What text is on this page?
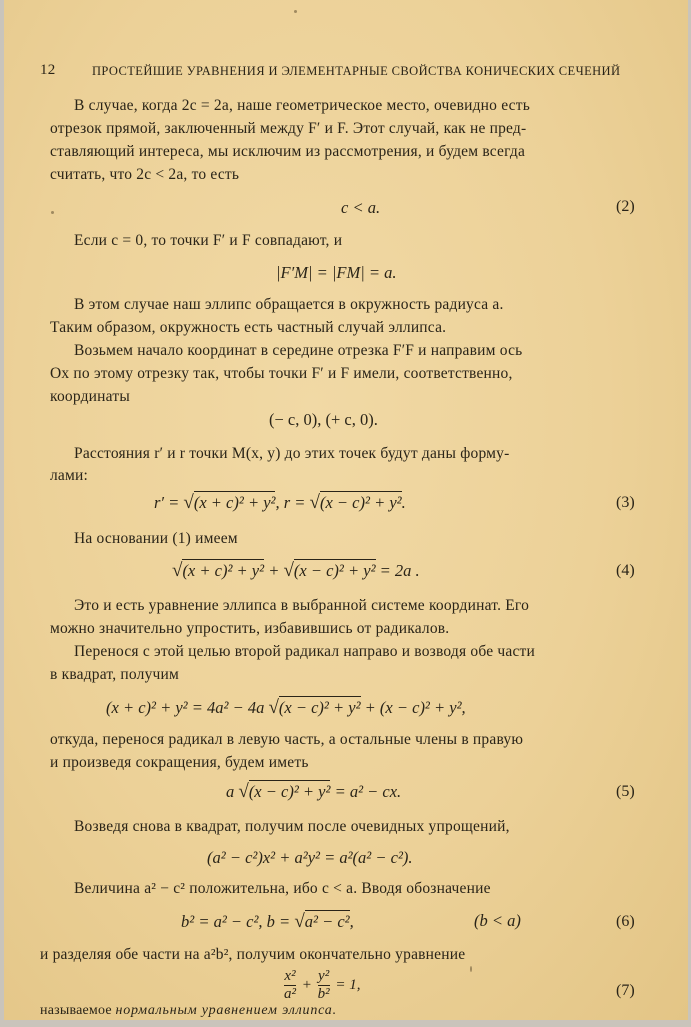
12	ПРОСТЕЙШИЕ УРАВНЕНИЯ И ЭЛЕМЕНТАРНЫЕ СВОЙСТВА КОНИЧЕСКИХ СЕЧЕНИЙ
В случае, когда 2c = 2a, наше геометрическое место, очевидно есть
отрезок прямой, заключенный между F′ и F. Этот случай, как не пред-
ставляющий интереса, мы исключим из рассмотрения, и будем всегда
считать, что 2c < 2a, то есть
c < a.	(2)
Если c = 0, то точки F′ и F совпадают, и
|F′M| = |FM| = a.
В этом случае наш эллипс обращается в окружность радиуса a.
Таким образом, окружность есть частный случай эллипса.
Возьмем начало координат в середине отрезка F′F и направим ось
Ox по этому отрезку так, чтобы точки F′ и F имели, соответственно,
координаты
(− c, 0), (+ c, 0).
Расстояния r′ и r точки M(x, y) до этих точек будут даны форму-
лами:
r′ = √(x + c)² + y², r = √(x − c)² + y².	(3)
На основании (1) имеем
√(x + c)² + y² + √(x − c)² + y² = 2a .	(4)
Это и есть уравнение эллипса в выбранной системе координат. Его
можно значительно упростить, избавившись от радикалов.
Перенося с этой целью второй радикал направо и возводя обе части
в квадрат, получим
(x + c)² + y² = 4a² − 4a √(x − c)² + y² + (x − c)² + y²,
откуда, перенося радикал в левую часть, а остальные члены в правую
и произведя сокращения, будем иметь
a √(x − c)² + y² = a² − cx.	(5)
Возведя снова в квадрат, получим после очевидных упрощений,
(a² − c²)x² + a²y² = a²(a² − c²).
Величина a² − c² положительна, ибо c < a. Вводя обозначение
b² = a² − c², b = √a² − c²,	(b < a)	(6)
и разделяя обе части на a²b², получим окончательно уравнение
$\frac{\text{x²}}{\text{a²}} + \frac{\text{y²}}{\text{b²}} = 1$,	(7)
называемое нормальным уравнением эллипса.
